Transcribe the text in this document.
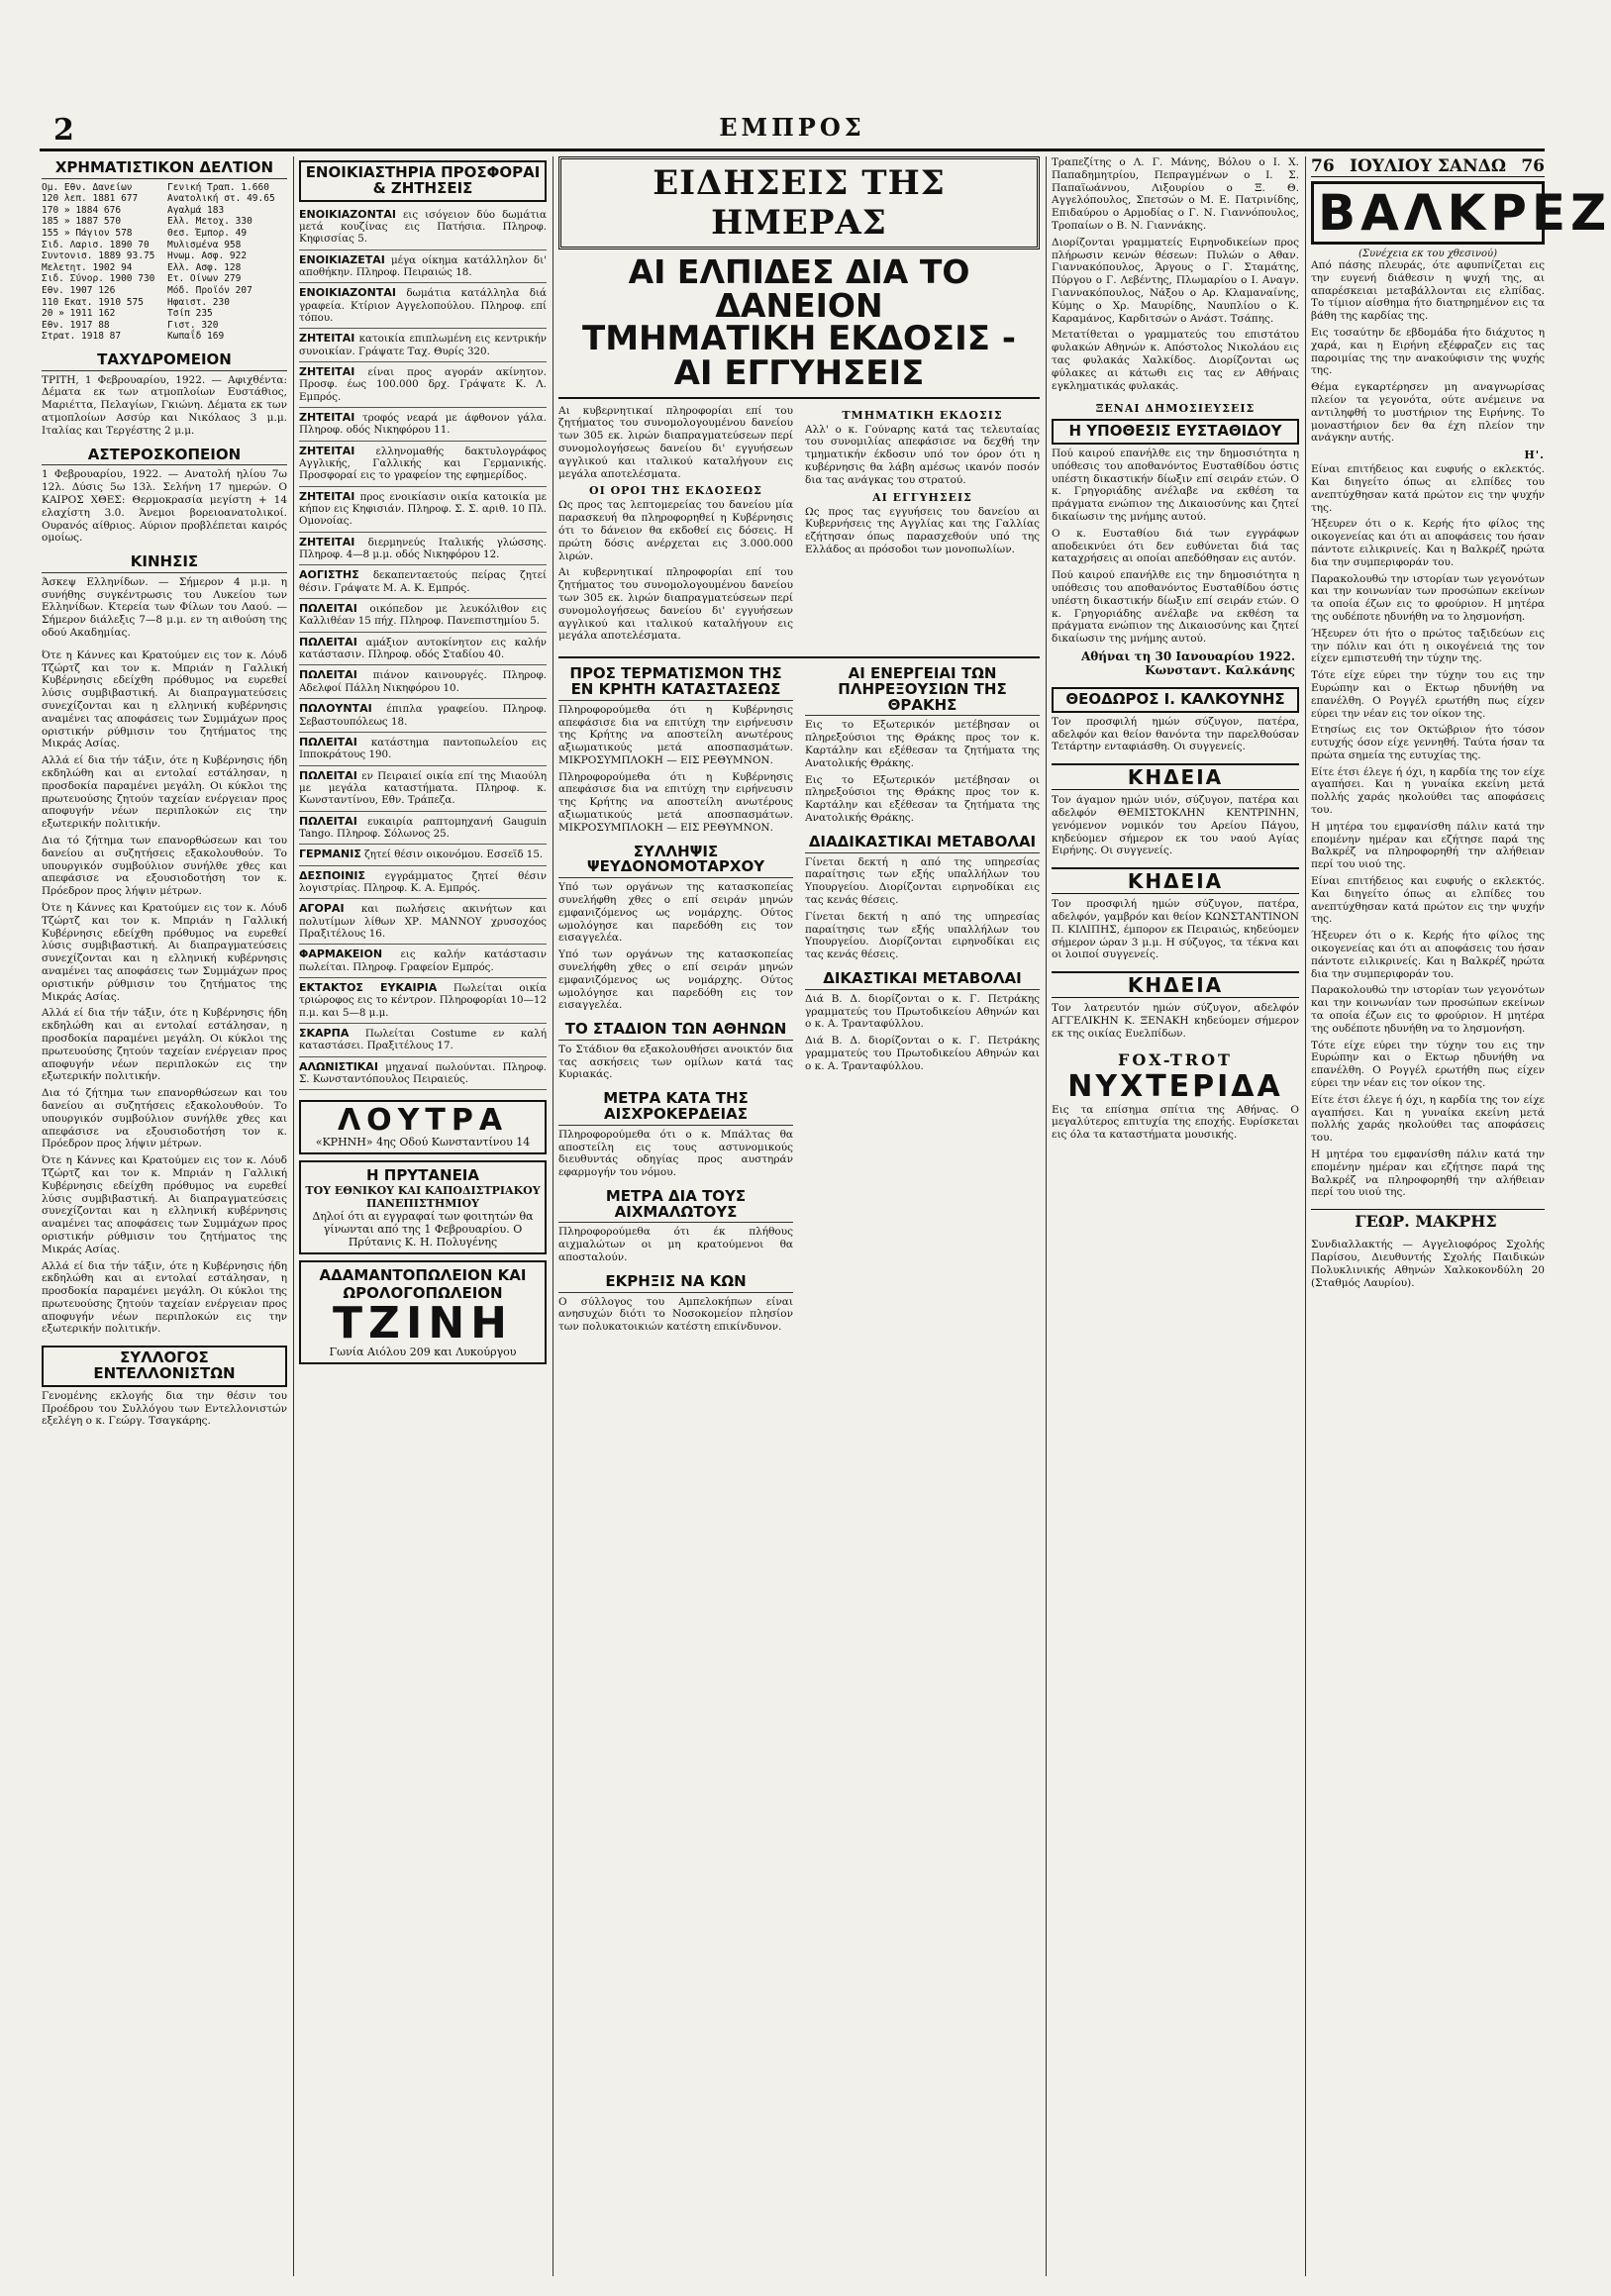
2	ΕΜΠΡΟΣ
ΧΡΗΜΑΤΙΣΤΙΚΟΝ ΔΕΛΤΙΟΝ
Ομ. Εθν. Δανείων	Γενική Τραπ. 1.660
120 λεπ. 1881 677	Ανατολική στ. 49.65
170 » 1884 676	Αγαλμά 183
185 » 1887 570	Ελλ. Μετοχ. 330
155 » Πάγιον 578	Θεσ. Έμπορ. 49
Σιδ. Λαρισ. 1890 70	Μυλισμένα 958
Συντονισ. 1889 93.75	Ηνωμ. Ασφ. 922
Μελετητ. 1902 94	Ελλ. Ασφ. 128
Σιδ. Σύνορ. 1900 730	Ετ. Οίνων 279
Εθν. 1907 126	Μόδ. Προϊόν 207
110 Εκατ. 1910 575	Ηφαιστ. 230
20 » 1911 162	Τσίπ 235
Εθν. 1917 88	Γιστ. 320
Στρατ. 1918 87	Κωπαΐδ 169
ΤΑΧΥΔΡΟΜΕΙΟΝ

ΤΡΙΤΗ, 1 Φεβρουαρίου, 1922. — Αφιχθέντα: Δέματα εκ των ατμοπλοίων Ευστάθιος, Μαριέττα, Πελαγίων, Γκιώνη. Δέματα εκ των ατμοπλοίων Ασσύρ και Νικόλαος 3 μ.μ. Ιταλίας και Τεργέστης 2 μ.μ.

ΑΣΤΕΡΟΣΚΟΠΕΙΟΝ

1 Φεβρουαρίου, 1922. — Ανατολή ηλίου 7ω 12λ. Δύσις 5ω 13λ. Σελήνη 17 ημερών. Ο ΚΑΙΡΟΣ ΧΘΕΣ: Θερμοκρασία μεγίστη + 14 ελαχίστη 3.0. Άνεμοι βορειοανατολικοί. Ουρανός αίθριος. Αύριον προβλέπεται καιρός ομοίως.

ΚΙΝΗΣΙΣ

Άσκεψ Ελληνίδων. — Σήμερον 4 μ.μ. η συνήθης συγκέντρωσις του Λυκείου των Ελληνίδων. Κτερεία των Φίλων του Λαού. — Σήμερον διάλεξις 7—8 μ.μ. εν τη αιθούση της οδού Ακαδημίας.

Ότε η Κάννες και Κρατούμεν εις τον κ. Λόυδ Τζώρτζ και τον κ. Μπριάν η Γαλλική Κυβέρνησις εδείχθη πρόθυμος να ευρεθεί λύσις συμβιβαστική. Αι διαπραγματεύσεις συνεχίζονται και η ελληνική κυβέρνησις αναμένει τας αποφάσεις των Συμμάχων προς οριστικήν ρύθμισιν του ζητήματος της Μικράς Ασίας.

Αλλά εί δια τήν τάξιν, ότε η Κυβέρνησις ήδη εκδηλώθη και αι εντολαί εστάλησαν, η προσδοκία παραμένει μεγάλη. Οι κύκλοι της πρωτευούσης ζητούν ταχείαν ενέργειαν προς αποφυγήν νέων περιπλοκών εις την εξωτερικήν πολιτικήν.

Δια τό ζήτημα των επανορθώσεων και του δανείου αι συζητήσεις εξακολουθούν. Το υπουργικόν συμβούλιον συνήλθε χθες και απεφάσισε να εξουσιοδοτήση τον κ. Πρόεδρον προς λήψιν μέτρων.

Ότε η Κάννες και Κρατούμεν εις τον κ. Λόυδ Τζώρτζ και τον κ. Μπριάν η Γαλλική Κυβέρνησις εδείχθη πρόθυμος να ευρεθεί λύσις συμβιβαστική. Αι διαπραγματεύσεις συνεχίζονται και η ελληνική κυβέρνησις αναμένει τας αποφάσεις των Συμμάχων προς οριστικήν ρύθμισιν του ζητήματος της Μικράς Ασίας.

Αλλά εί δια τήν τάξιν, ότε η Κυβέρνησις ήδη εκδηλώθη και αι εντολαί εστάλησαν, η προσδοκία παραμένει μεγάλη. Οι κύκλοι της πρωτευούσης ζητούν ταχείαν ενέργειαν προς αποφυγήν νέων περιπλοκών εις την εξωτερικήν πολιτικήν.

Δια τό ζήτημα των επανορθώσεων και του δανείου αι συζητήσεις εξακολουθούν. Το υπουργικόν συμβούλιον συνήλθε χθες και απεφάσισε να εξουσιοδοτήση τον κ. Πρόεδρον προς λήψιν μέτρων.

Ότε η Κάννες και Κρατούμεν εις τον κ. Λόυδ Τζώρτζ και τον κ. Μπριάν η Γαλλική Κυβέρνησις εδείχθη πρόθυμος να ευρεθεί λύσις συμβιβαστική. Αι διαπραγματεύσεις συνεχίζονται και η ελληνική κυβέρνησις αναμένει τας αποφάσεις των Συμμάχων προς οριστικήν ρύθμισιν του ζητήματος της Μικράς Ασίας.

Αλλά εί δια τήν τάξιν, ότε η Κυβέρνησις ήδη εκδηλώθη και αι εντολαί εστάλησαν, η προσδοκία παραμένει μεγάλη. Οι κύκλοι της πρωτευούσης ζητούν ταχείαν ενέργειαν προς αποφυγήν νέων περιπλοκών εις την εξωτερικήν πολιτικήν.

ΣΥΛΛΟΓΟΣ ΕΝΤΕΛΛΟΝΙΣΤΩΝ

Γενομένης εκλογής δια την θέσιν του Προέδρου του Συλλόγου των Εντελλονιστών εξελέγη ο κ. Γεώργ. Τσαγκάρης.

ΕΝΟΙΚΙΑΣΤΗΡΙΑ ΠΡΟΣΦΟΡΑΙ & ΖΗΤΗΣΕΙΣ

ΕΝΟΙΚΙΑΖΟΝΤΑΙ εις ισόγειον δύο δωμάτια μετά κουζίνας εις Πατήσια. Πληροφ. Κηφισσίας 5.

ΕΝΟΙΚΙΑΖΕΤΑΙ μέγα οίκημα κατάλληλον δι' αποθήκην. Πληροφ. Πειραιώς 18.

ΕΝΟΙΚΙΑΖΟΝΤΑΙ δωμάτια κατάλληλα διά γραφεία. Κτίριον Αγγελοπούλου. Πληροφ. επί τόπου.

ΖΗΤΕΙΤΑΙ κατοικία επιπλωμένη εις κεντρικήν συνοικίαν. Γράψατε Ταχ. Θυρίς 320.

ΖΗΤΕΙΤΑΙ είναι προς αγοράν ακίνητον. Προσφ. έως 100.000 δρχ. Γράψατε Κ. Λ. Εμπρός.

ΖΗΤΕΙΤΑΙ τροφός νεαρά με άφθονον γάλα. Πληροφ. οδός Νικηφόρου 11.

ΖΗΤΕΙΤΑΙ ελληνομαθής δακτυλογράφος Αγγλικής, Γαλλικής και Γερμανικής. Προσφοραί εις το γραφείον της εφημερίδος.

ΖΗΤΕΙΤΑΙ προς ενοικίασιν οικία κατοικία με κήπον εις Κηφισιάν. Πληροφ. Σ. Σ. αριθ. 10 Πλ. Ομονοίας.

ΖΗΤΕΙΤΑΙ διερμηνεύς Ιταλικής γλώσσης. Πληροφ. 4—8 μ.μ. οδός Νικηφόρου 12.

ΑΟΓΙΣΤΗΣ δεκαπενταετούς πείρας ζητεί θέσιν. Γράψατε Μ. Α. Κ. Εμπρός.

ΠΩΛΕΙΤΑΙ οικόπεδον με λευκόλιθον εις Καλλιθέαν 15 πήχ. Πληροφ. Πανεπιστημίου 5.

ΠΩΛΕΙΤΑΙ αμάξιον αυτοκίνητον εις καλήν κατάστασιν. Πληροφ. οδός Σταδίου 40.

ΠΩΛΕΙΤΑΙ πιάνον καινουργές. Πληροφ. Αδελφοί Πάλλη Νικηφόρου 10.

ΠΩΛΟΥΝΤΑΙ έπιπλα γραφείου. Πληροφ. Σεβαστουπόλεως 18.

ΠΩΛΕΙΤΑΙ κατάστημα παντοπωλείου εις Ιπποκράτους 190.

ΠΩΛΕΙΤΑΙ εν Πειραιεί οικία επί της Μιαούλη με μεγάλα καταστήματα. Πληροφ. κ. Κωνσταντίνου, Εθν. Τράπεζα.

ΠΩΛΕΙΤΑΙ ευκαιρία ραπτομηχανή Gauguin Tango. Πληροφ. Σόλωνος 25.

ΓΕΡΜΑΝΙΣ ζητεί θέσιν οικονόμου. Εσσεϊδ 15.

ΔΕΣΠΟΙΝΙΣ εγγράμματος ζητεί θέσιν λογιστρίας. Πληροφ. Κ. Α. Εμπρός.

ΑΓΟΡΑΙ και πωλήσεις ακινήτων και πολυτίμων λίθων ΧΡ. ΜΑΝΝΟΥ χρυσοχόος Πραξιτέλους 16.

ΦΑΡΜΑΚΕΙΟΝ εις καλήν κατάστασιν πωλείται. Πληροφ. Γραφείον Εμπρός.

ΕΚΤΑΚΤΟΣ ΕΥΚΑΙΡΙΑ Πωλείται οικία τριώροφος εις το κέντρον. Πληροφορίαι 10—12 π.μ. και 5—8 μ.μ.

ΣΚΑΡΠΑ Πωλείται Costume εν καλή καταστάσει. Πραξιτέλους 17.

ΑΛΩΝΙΣΤΙΚΑΙ μηχαναί πωλούνται. Πληροφ. Σ. Κωνσταντόπουλος Πειραιεύς.

ΛΟΥΤΡΑ
«ΚΡΗΝΗ» 4ης Οδού Κωνσταντίνου 14
Η ΠΡΥΤΑΝΕΙΑ
ΤΟΥ ΕΘΝΙΚΟΥ ΚΑΙ ΚΑΠΟΔΙΣΤΡΙΑΚΟΥ ΠΑΝΕΠΙΣΤΗΜΙΟΥ
Δηλοί ότι αι εγγραφαί των φοιτητών θα γίνωνται από της 1 Φεβρουαρίου. Ο Πρύτανις Κ. Η. Πολυγένης
ΑΔΑΜΑΝΤΟΠΩΛΕΙΟΝ ΚΑΙ ΩΡΟΛΟΓΟΠΩΛΕΙΟΝ
ΤΖΙΝΗ
Γωνία Αιόλου 209 και Λυκούργου
ΕΙΔΗΣΕΙΣ ΤΗΣ ΗΜΕΡΑΣ
ΑΙ ΕΛΠΙΔΕΣ ΔΙΑ ΤΟ ΔΑΝΕΙΟΝ
ΤΜΗΜΑΤΙΚΗ ΕΚΔΟΣΙΣ - ΑΙ ΕΓΓΥΗΣΕΙΣ

Αι κυβερνητικαί πληροφορίαι επί του ζητήματος του συνομολογουμένου δανείου των 305 εκ. λιρών διαπραγματεύσεων περί συνομολογήσεως δανείου δι' εγγυήσεων αγγλικού και ιταλικού καταλήγουν εις μεγάλα αποτελέσματα.

ΟΙ ΟΡΟΙ ΤΗΣ ΕΚΔΟΣΕΩΣ

Ως προς τας λεπτομερείας του δανείου μία παρασκευή θα πληροφορηθεί η Κυβέρνησις ότι το δάνειον θα εκδοθεί εις δόσεις. Η πρώτη δόσις ανέρχεται εις 3.000.000 λιρών.

Αι κυβερνητικαί πληροφορίαι επί του ζητήματος του συνομολογουμένου δανείου των 305 εκ. λιρών διαπραγματεύσεων περί συνομολογήσεως δανείου δι' εγγυήσεων αγγλικού και ιταλικού καταλήγουν εις μεγάλα αποτελέσματα.

ΤΜΗΜΑΤΙΚΗ ΕΚΔΟΣΙΣ

Αλλ' ο κ. Γούναρης κατά τας τελευταίας του συνομιλίας απεφάσισε να δεχθή την τμηματικήν έκδοσιν υπό τον όρον ότι η κυβέρνησις θα λάβη αμέσως ικανόν ποσόν δια τας ανάγκας του στρατού.

ΑΙ ΕΓΓΥΗΣΕΙΣ

Ως προς τας εγγυήσεις του δανείου αι Κυβερνήσεις της Αγγλίας και της Γαλλίας εζήτησαν όπως παρασχεθούν υπό της Ελλάδος αι πρόσοδοι των μονοπωλίων.

ΠΡΟΣ ΤΕΡΜΑΤΙΣΜΟΝ ΤΗΣ ΕΝ ΚΡΗΤΗ ΚΑΤΑΣΤΑΣΕΩΣ

Πληροφορούμεθα ότι η Κυβέρνησις απεφάσισε δια να επιτύχη την ειρήνευσιν της Κρήτης να αποστείλη ανωτέρους αξιωματικούς μετά αποσπασμάτων. ΜΙΚΡΟΣΥΜΠΛΟΚΗ — ΕΙΣ ΡΕΘΥΜΝΟΝ.

Πληροφορούμεθα ότι η Κυβέρνησις απεφάσισε δια να επιτύχη την ειρήνευσιν της Κρήτης να αποστείλη ανωτέρους αξιωματικούς μετά αποσπασμάτων. ΜΙΚΡΟΣΥΜΠΛΟΚΗ — ΕΙΣ ΡΕΘΥΜΝΟΝ.

ΣΥΛΛΗΨΙΣ ΨΕΥΔΟΝΟΜΟΤΑΡΧΟΥ

Υπό των οργάνων της κατασκοπείας συνελήφθη χθες ο επί σειράν μηνών εμφανιζόμενος ως νομάρχης. Ούτος ωμολόγησε και παρεδόθη εις τον εισαγγελέα.

Υπό των οργάνων της κατασκοπείας συνελήφθη χθες ο επί σειράν μηνών εμφανιζόμενος ως νομάρχης. Ούτος ωμολόγησε και παρεδόθη εις τον εισαγγελέα.

ΤΟ ΣΤΑΔΙΟΝ ΤΩΝ ΑΘΗΝΩΝ

Το Στάδιον θα εξακολουθήσει ανοικτόν δια τας ασκήσεις των ομίλων κατά τας Κυριακάς.

ΜΕΤΡΑ ΚΑΤΑ ΤΗΣ ΑΙΣΧΡΟΚΕΡΔΕΙΑΣ

Πληροφορούμεθα ότι ο κ. Μπάλτας θα αποστείλη εις τους αστυνομικούς διευθυντάς οδηγίας προς αυστηράν εφαρμογήν του νόμου.

ΜΕΤΡΑ ΔΙΑ ΤΟΥΣ ΑΙΧΜΑΛΩΤΟΥΣ

Πληροφορούμεθα ότι έκ πλήθους αιχμαλώτων οι μη κρατούμενοι θα αποσταλούν.

ΕΚΡΗΞΙΣ ΝΑ ΚΩΝ

Ο σύλλογος του Αμπελοκήπων είναι ανησυχών διότι το Νοσοκομείον πλησίον των πολυκατοικιών κατέστη επικίνδυνον.

ΑΙ ΕΝΕΡΓΕΙΑΙ ΤΩΝ ΠΛΗΡΕΞΟΥΣΙΩΝ ΤΗΣ ΘΡΑΚΗΣ

Εις το Εξωτερικόν μετέβησαν οι πληρεξούσιοι της Θράκης προς τον κ. Καρτάλην και εξέθεσαν τα ζητήματα της Ανατολικής Θράκης.

Εις το Εξωτερικόν μετέβησαν οι πληρεξούσιοι της Θράκης προς τον κ. Καρτάλην και εξέθεσαν τα ζητήματα της Ανατολικής Θράκης.

ΔΙΑΔΙΚΑΣΤΙΚΑΙ ΜΕΤΑΒΟΛΑΙ

Γίνεται δεκτή η από της υπηρεσίας παραίτησις των εξής υπαλλήλων του Υπουργείου. Διορίζονται ειρηνοδίκαι εις τας κενάς θέσεις.

Γίνεται δεκτή η από της υπηρεσίας παραίτησις των εξής υπαλλήλων του Υπουργείου. Διορίζονται ειρηνοδίκαι εις τας κενάς θέσεις.

ΔΙΚΑΣΤΙΚΑΙ ΜΕΤΑΒΟΛΑΙ

Διά Β. Δ. διορίζονται ο κ. Γ. Πετράκης γραμματεύς του Πρωτοδικείου Αθηνών και ο κ. Α. Τρανταφύλλου.

Διά Β. Δ. διορίζονται ο κ. Γ. Πετράκης γραμματεύς του Πρωτοδικείου Αθηνών και ο κ. Α. Τρανταφύλλου.

Τραπεζίτης ο Λ. Γ. Μάνης, Βόλου ο Ι. Χ. Παπαδημητρίου, Πεπραγμένων ο Ι. Σ. Παπαϊωάννου, Λιξουρίου ο Ξ. Θ. Αγγελόπουλος, Σπετσών ο Μ. Ε. Πατρινίδης, Επιδαύρου ο Αρμοδίας ο Γ. Ν. Γιαννόπουλος, Τροπαίων ο Β. Ν. Γιαννάκης.

Διορίζονται γραμματείς Ειρηνοδικείων προς πλήρωσιν κενών θέσεων: Πυλών ο Αθαν. Γιαννακόπουλος, Άργους ο Γ. Σταμάτης, Πύργου ο Γ. Λεβέντης, Πλωμαρίου ο Ι. Αναγν. Γιαννακόπουλος, Νάξου ο Αρ. Κλαμαναίνης, Κύμης ο Χρ. Μαυρίδης, Ναυπλίου ο Κ. Καραμάνος, Καρδιτσών ο Ανάστ. Τσάπης.

Μετατίθεται ο γραμματεύς του επιστάτου φυλακών Αθηνών κ. Απόστολος Νικολάου εις τας φυλακάς Χαλκίδος. Διορίζονται ως φύλακες αι κάτωθι εις τας εν Αθήναις εγκληματικάς φυλακάς.

ΞΕΝΑΙ ΔΗΜΟΣΙΕΥΣΕΙΣ
Η ΥΠΟΘΕΣΙΣ ΕΥΣΤΑΘΙΔΟΥ

Πού καιρού επανήλθε εις την δημοσιότητα η υπόθεσις του αποθανόντος Ευσταθίδου όστις υπέστη δικαστικήν δίωξιν επί σειράν ετών. Ο κ. Γρηγοριάδης ανέλαβε να εκθέση τα πράγματα ενώπιον της Δικαιοσύνης και ζητεί δικαίωσιν της μνήμης αυτού.

Ο κ. Ευσταθίου διά των εγγράφων αποδεικνύει ότι δεν ευθύνεται διά τας καταχρήσεις αι οποίαι απεδόθησαν εις αυτόν.

Πού καιρού επανήλθε εις την δημοσιότητα η υπόθεσις του αποθανόντος Ευσταθίδου όστις υπέστη δικαστικήν δίωξιν επί σειράν ετών. Ο κ. Γρηγοριάδης ανέλαβε να εκθέση τα πράγματα ενώπιον της Δικαιοσύνης και ζητεί δικαίωσιν της μνήμης αυτού.

Αθήναι τη 30 Ιανουαρίου 1922. Κωνσταντ. Καλκάνης
ΘΕΟΔΩΡΟΣ Ι. ΚΑΛΚΟΥΝΗΣ

Τον προσφιλή ημών σύζυγον, πατέρα, αδελφόν και θείον θανόντα την παρελθούσαν Τετάρτην ενταφιάσθη. Οι συγγενείς.

ΚΗΔΕΙΑ

Τον άγαμον ημών υιόν, σύζυγον, πατέρα και αδελφόν ΘΕΜΙΣΤΟΚΛΗΝ ΚΕΝΤΡΙΝΗΝ, γενόμενον νομικόν του Αρείου Πάγου, κηδεύομεν σήμερον εκ του ναού Αγίας Ειρήνης. Οι συγγενείς.

ΚΗΔΕΙΑ

Τον προσφιλή ημών σύζυγον, πατέρα, αδελφόν, γαμβρόν και θείον ΚΩΝΣΤΑΝΤΙΝΟΝ Π. ΚΙΛΙΠΗΣ, έμπορον εκ Πειραιώς, κηδεύομεν σήμερον ώραν 3 μ.μ. Η σύζυγος, τα τέκνα και οι λοιποί συγγενείς.

ΚΗΔΕΙΑ

Τον λατρευτόν ημών σύζυγον, αδελφόν ΑΓΓΕΛΙΚΗΝ Κ. ΞΕΝΑΚΗ κηδεύομεν σήμερον εκ της οικίας Ευελπίδων.

FOX-TROT
ΝΥΧΤΕΡΙΔΑ

Εις τα επίσημα σπίτια της Αθήνας. Ο μεγαλύτερος επιτυχία της εποχής. Ευρίσκεται εις όλα τα καταστήματα μουσικής.

76 ΙΟΥΛΙΟΥ ΣΑΝΔΩ 76
ΒΑΛΚΡΕΖ
(Συνέχεια εκ του χθεσινού)

Από πάσης πλευράς, ότε αφυπνίζεται εις την ευγενή διάθεσιν η ψυχή της, αι απαρέσκειαι μεταβάλλονται εις ελπίδας. Το τίμιον αίσθημα ήτο διατηρημένον εις τα βάθη της καρδίας της.

Εις τοσαύτην δε εβδομάδα ήτο διάχυτος η χαρά, και η Ειρήνη εξέφραζεν εις τας παροιμίας της την ανακούφισιν της ψυχής της.

Θέμα εγκαρτέρησεν μη αναγνωρίσας πλείον τα γεγονότα, ούτε ανέμεινε να αντιληφθή το μυστήριον της Ειρήνης. Το μοναστήριον δεν θα έχη πλείον την ανάγκην αυτής.

Η'.

Είναι επιτήδειος και ευφυής ο εκλεκτός. Και διηγείτο όπως αι ελπίδες του ανεπτύχθησαν κατά πρώτον εις την ψυχήν της.

Ήξευρεν ότι ο κ. Κερής ήτο φίλος της οικογενείας και ότι αι αποφάσεις του ήσαν πάντοτε ειλικρινείς. Και η Βαλκρέζ ηρώτα δια την συμπεριφοράν του.

Παρακολουθώ την ιστορίαν των γεγονότων και την κοινωνίαν των προσώπων εκείνων τα οποία έζων εις το φρούριον. Η μητέρα της ουδέποτε ηδυνήθη να το λησμονήση.

Ήξευρεν ότι ήτο ο πρώτος ταξιδεύων εις την πόλιν και ότι η οικογένειά της τον είχεν εμπιστευθή την τύχην της.

Τότε είχε εύρει την τύχην του εις την Ευρώπην και ο Εκτωρ ηδυνήθη να επανέλθη. Ο Ρογγέλ ερωτήθη πως είχεν εύρει την νέαν εις τον οίκον της.

Ετησίως εις τον Οκτώβριον ήτο τόσον ευτυχής όσον είχε γεννηθή. Ταύτα ήσαν τα πρώτα σημεία της ευτυχίας της.

Είτε έτσι έλεγε ή όχι, η καρδία της τον είχε αγαπήσει. Και η γυναίκα εκείνη μετά πολλής χαράς ηκολούθει τας αποφάσεις του.

Η μητέρα του εμφανίσθη πάλιν κατά την επομένην ημέραν και εζήτησε παρά της Βαλκρέζ να πληροφορηθή την αλήθειαν περί του υιού της.

Είναι επιτήδειος και ευφυής ο εκλεκτός. Και διηγείτο όπως αι ελπίδες του ανεπτύχθησαν κατά πρώτον εις την ψυχήν της.

Ήξευρεν ότι ο κ. Κερής ήτο φίλος της οικογενείας και ότι αι αποφάσεις του ήσαν πάντοτε ειλικρινείς. Και η Βαλκρέζ ηρώτα δια την συμπεριφοράν του.

Παρακολουθώ την ιστορίαν των γεγονότων και την κοινωνίαν των προσώπων εκείνων τα οποία έζων εις το φρούριον. Η μητέρα της ουδέποτε ηδυνήθη να το λησμονήση.

Τότε είχε εύρει την τύχην του εις την Ευρώπην και ο Εκτωρ ηδυνήθη να επανέλθη. Ο Ρογγέλ ερωτήθη πως είχεν εύρει την νέαν εις τον οίκον της.

Είτε έτσι έλεγε ή όχι, η καρδία της τον είχε αγαπήσει. Και η γυναίκα εκείνη μετά πολλής χαράς ηκολούθει τας αποφάσεις του.

Η μητέρα του εμφανίσθη πάλιν κατά την επομένην ημέραν και εζήτησε παρά της Βαλκρέζ να πληροφορηθή την αλήθειαν περί του υιού της.

ΓΕΩΡ. ΜΑΚΡΗΣ

Συνδιαλλακτής — Αγγελιοφόρος Σχολής Παρίσου, Διευθυντής Σχολής Παιδικών Πολυκλινικής Αθηνών Χαλκοκονδύλη 20 (Σταθμός Λαυρίου).
